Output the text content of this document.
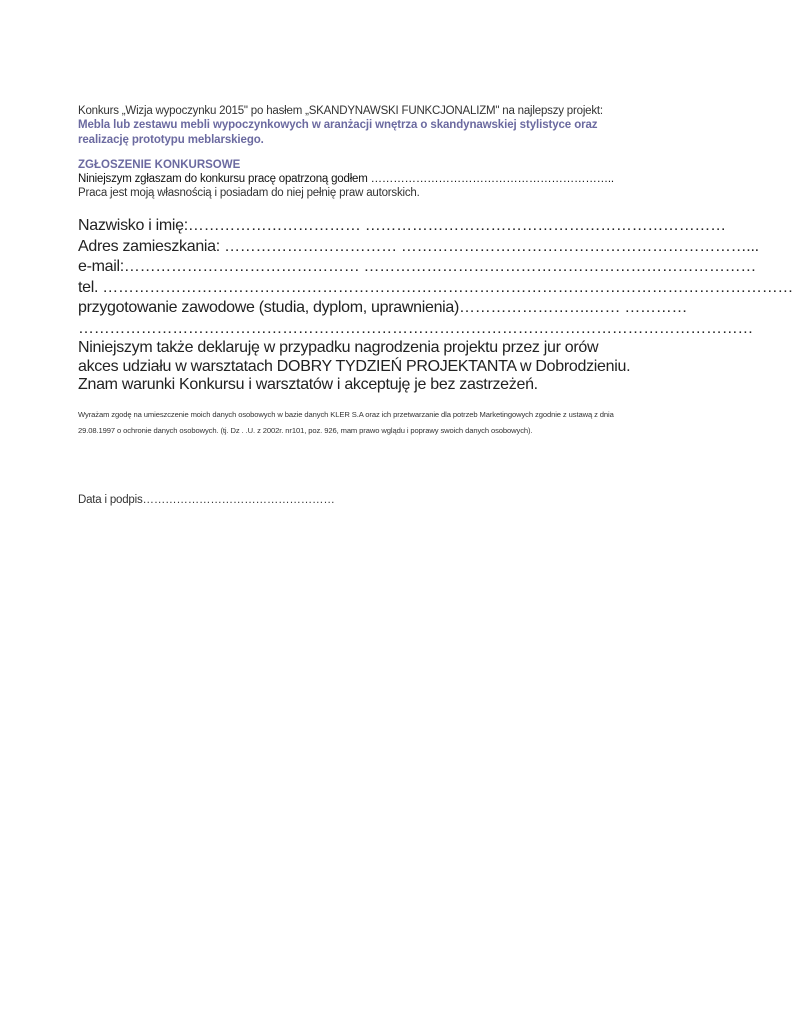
Konkurs „Wizja wypoczynku 2015" po hasłem „SKANDYNAWSKI FUNKCJONALIZM" na najlepszy projekt:
Mebla lub zestawu mebli wypoczynkowych w aranżacji wnętrza o skandynawskiej stylistyce oraz realizację prototypu meblarskiego.
ZGŁOSZENIE KONKURSOWE
Niniejszym zgłaszam do konkursu pracę opatrzoną godłem ………………………………………………………..
Praca jest moją własnością i posiadam do niej pełnię praw autorskich.
Nazwisko i imię:…………………………… ……………………………………………………………
Adres zamieszkania: …………………………… …………………………………………………………...
e-mail:……………………………………… …………………………………………………………………
tel. ……………………………………………………………………………………………………………………
przygotowanie zawodowe (studia, dyplom, uprawnienia)…………………….…… …………
…………………………………………………………………………………………………………………
Niniejszym także deklaruję w przypadku nagrodzenia projektu przez jur orów akces udziału w warsztatach DOBRY TYDZIEŃ PROJEKTANTA w Dobrodzieniu. Znam warunki Konkursu i warsztatów i akceptuję je bez zastrzeżeń.
Wyrażam zgodę na umieszczenie moich danych osobowych w bazie danych KLER S.A oraz ich przetwarzanie dla potrzeb Marketingowych zgodnie z ustawą z dnia 29.08.1997 o ochronie danych osobowych. (tj. Dz . .U. z 2002r. nr101, poz. 926, mam prawo wglądu i poprawy swoich danych osobowych).
Data i podpis……………………………………………
